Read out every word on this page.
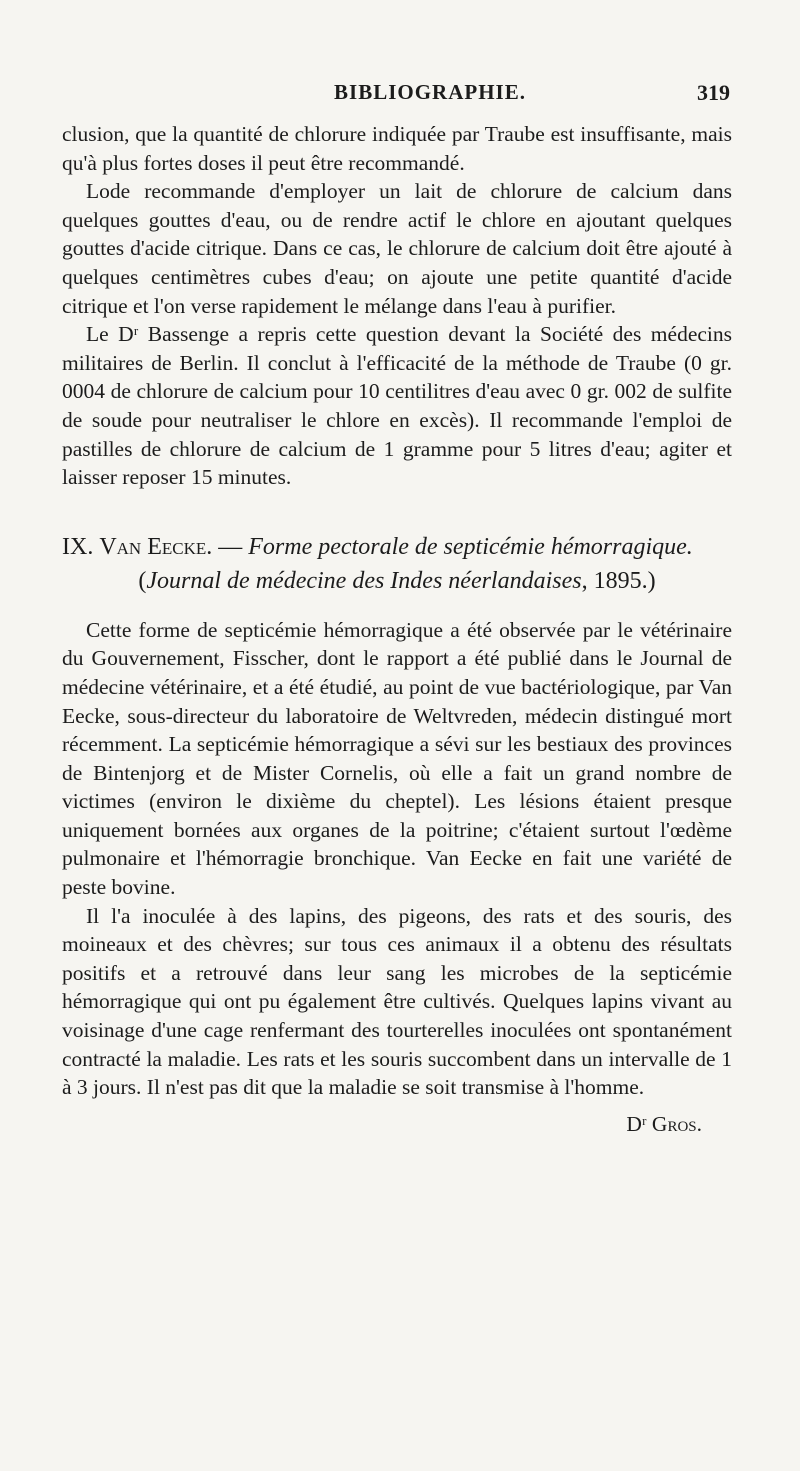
BIBLIOGRAPHIE.	319

clusion, que la quantité de chlorure indiquée par Traube est insuffisante, mais qu'à plus fortes doses il peut être recommandé.

Lode recommande d'employer un lait de chlorure de calcium dans quelques gouttes d'eau, ou de rendre actif le chlore en ajoutant quelques gouttes d'acide citrique. Dans ce cas, le chlorure de calcium doit être ajouté à quelques centimètres cubes d'eau; on ajoute une petite quantité d'acide citrique et l'on verse rapidement le mélange dans l'eau à purifier.

Le Dʳ Bassenge a repris cette question devant la Société des médecins militaires de Berlin. Il conclut à l'efficacité de la méthode de Traube (0 gr. 0004 de chlorure de calcium pour 10 centilitres d'eau avec 0 gr. 002 de sulfite de soude pour neutraliser le chlore en excès). Il recommande l'emploi de pastilles de chlorure de calcium de 1 gramme pour 5 litres d'eau; agiter et laisser reposer 15 minutes.

IX. Van Eecke. — Forme pectorale de septicémie hémorragique.
(Journal de médecine des Indes néerlandaises, 1895.)

Cette forme de septicémie hémorragique a été observée par le vétérinaire du Gouvernement, Fisscher, dont le rapport a été publié dans le Journal de médecine vétérinaire, et a été étudié, au point de vue bactériologique, par Van Eecke, sous-directeur du laboratoire de Weltvreden, médecin distingué mort récemment. La septicémie hémorragique a sévi sur les bestiaux des provinces de Bintenjorg et de Mister Cornelis, où elle a fait un grand nombre de victimes (environ le dixième du cheptel). Les lésions étaient presque uniquement bornées aux organes de la poitrine; c'étaient surtout l'œdème pulmonaire et l'hémorragie bronchique. Van Eecke en fait une variété de peste bovine.

Il l'a inoculée à des lapins, des pigeons, des rats et des souris, des moineaux et des chèvres; sur tous ces animaux il a obtenu des résultats positifs et a retrouvé dans leur sang les microbes de la septicémie hémorragique qui ont pu également être cultivés. Quelques lapins vivant au voisinage d'une cage renfermant des tourterelles inoculées ont spontanément contracté la maladie. Les rats et les souris succombent dans un intervalle de 1 à 3 jours. Il n'est pas dit que la maladie se soit transmise à l'homme.

Dʳ Gros.
